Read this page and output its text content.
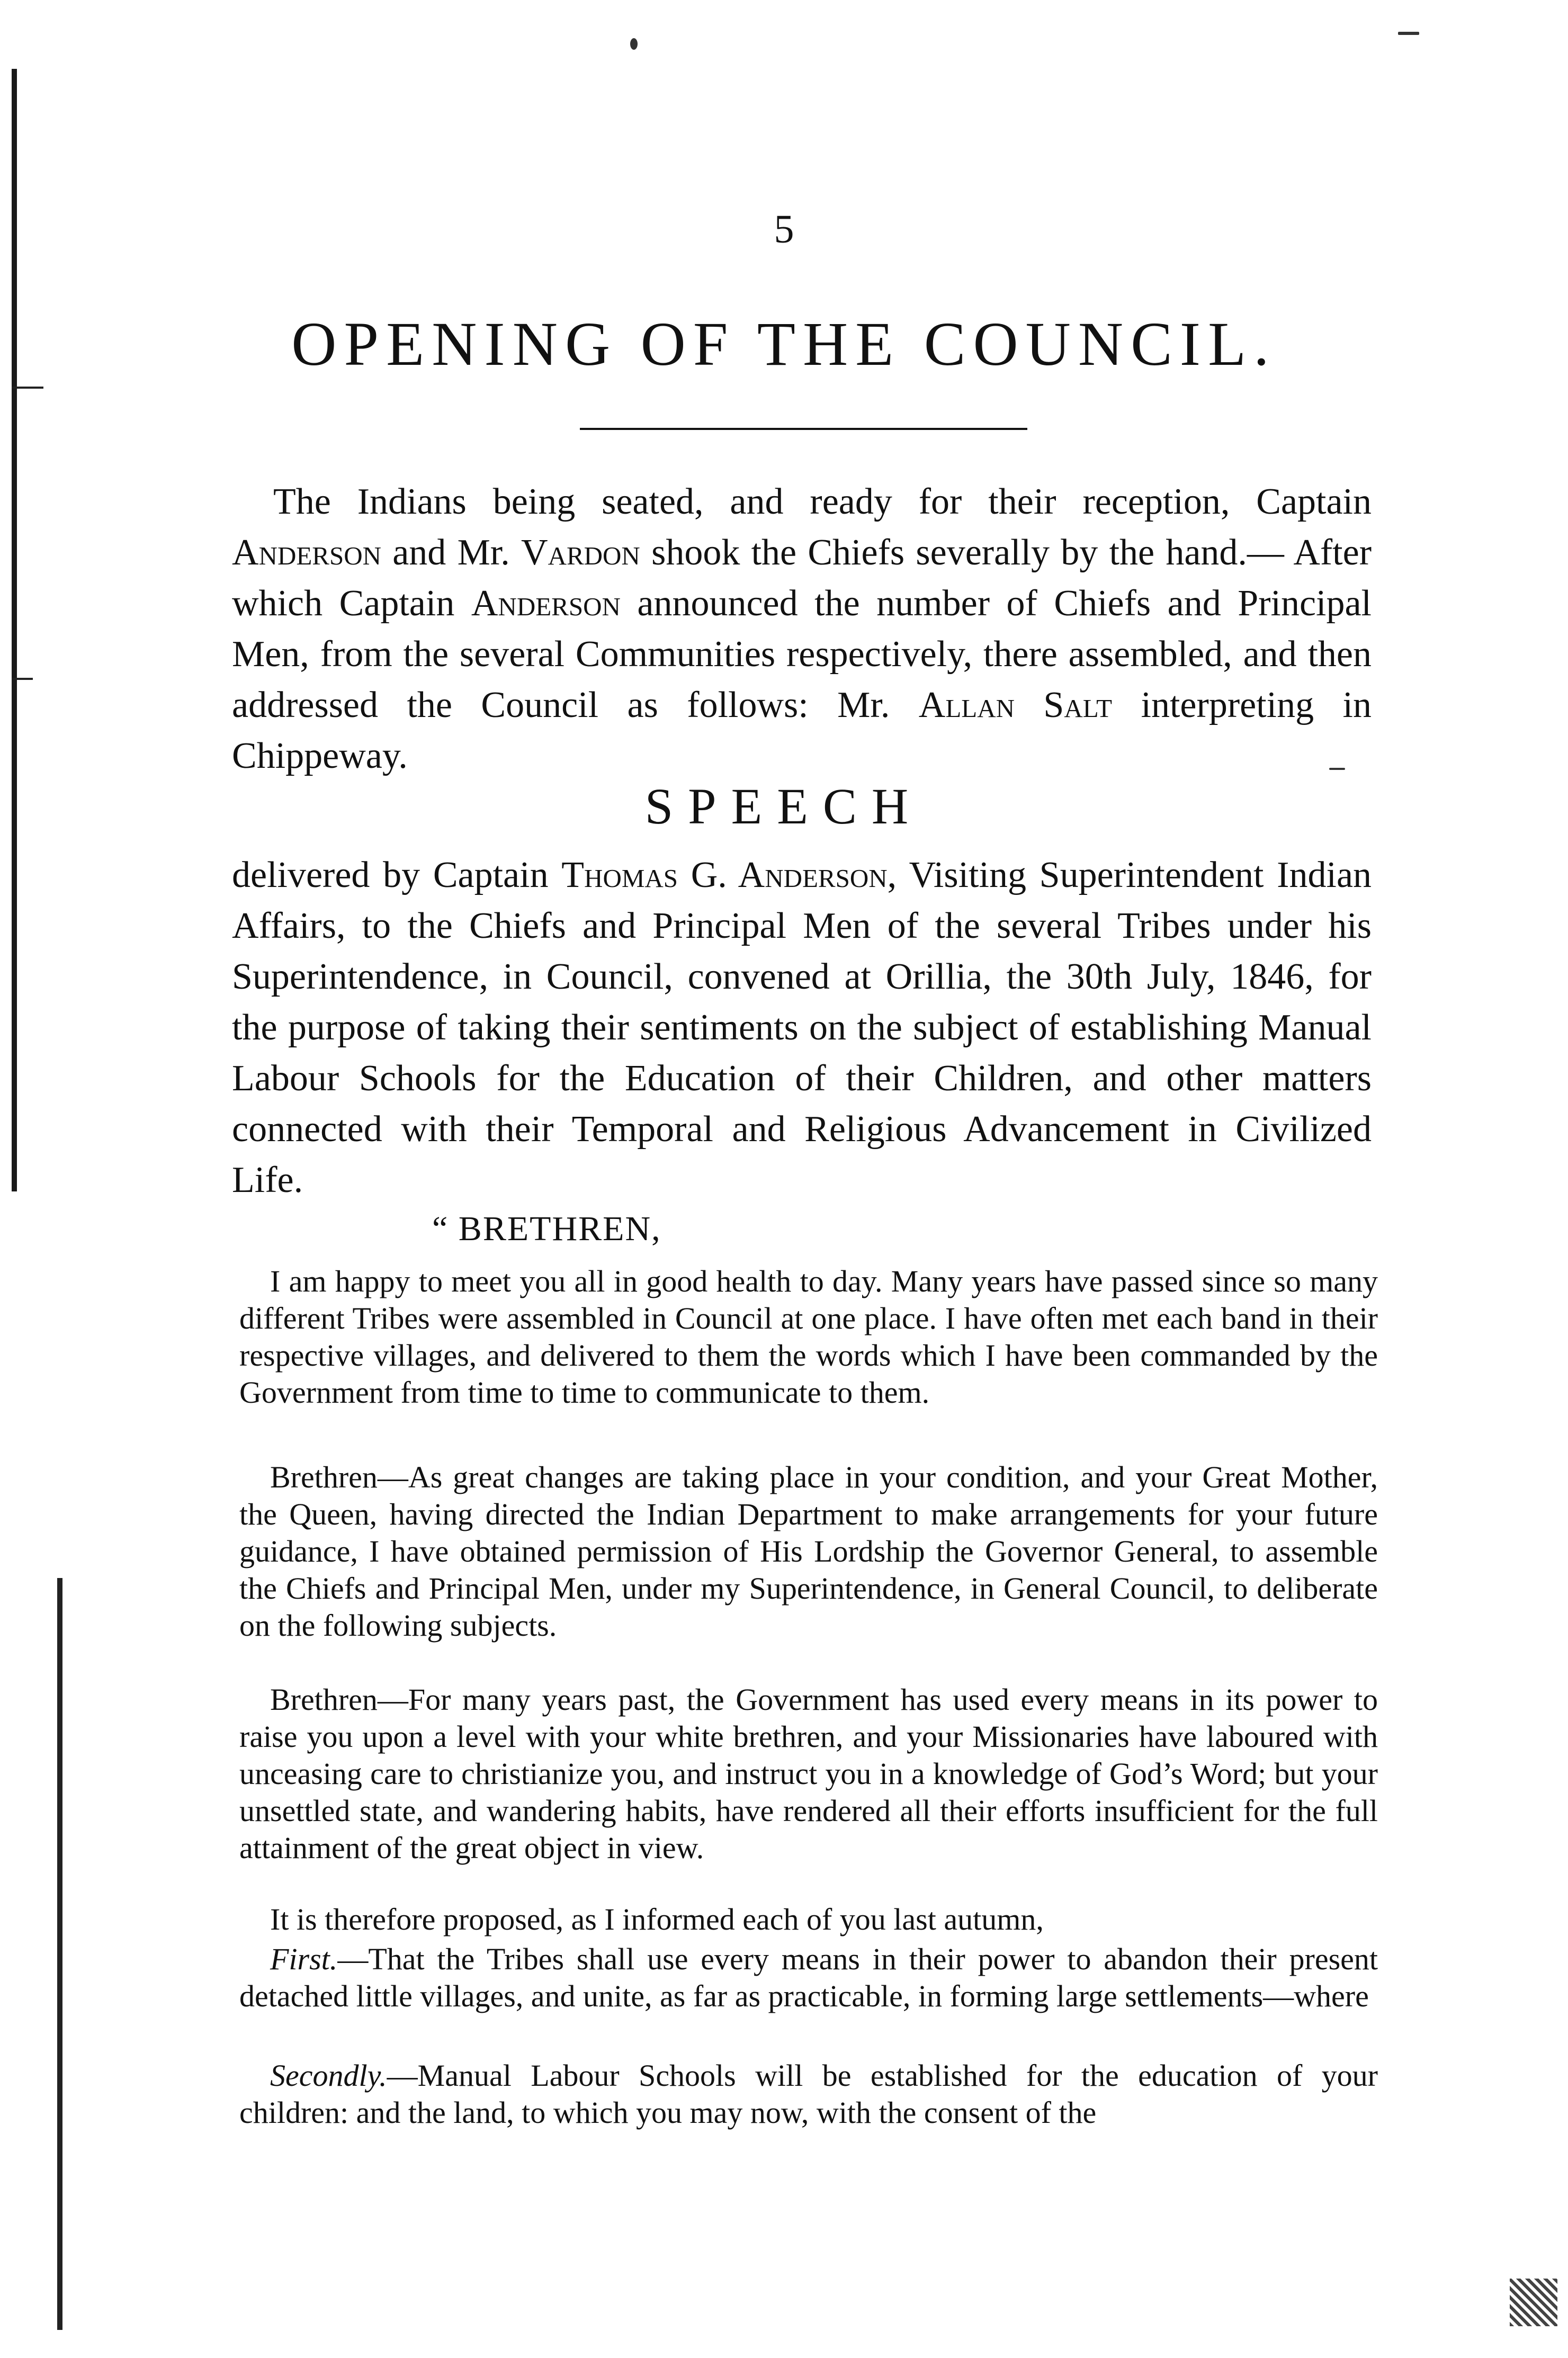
5
OPENING OF THE COUNCIL.

The Indians being seated, and ready for their reception, Captain Anderson and Mr. Vardon shook the Chiefs severally by the hand.— After which Captain Anderson announced the number of Chiefs and Principal Men, from the several Communities respectively, there assembled, and then addressed the Council as follows: Mr. Allan Salt interpreting in Chippeway.

SPEECH

delivered by Captain Thomas G. Anderson, Visiting Superintendent Indian Affairs, to the Chiefs and Principal Men of the several Tribes under his Superintendence, in Council, convened at Orillia, the 30th July, 1846, for the purpose of taking their sentiments on the subject of establishing Manual Labour Schools for the Education of their Children, and other matters connected with their Temporal and Religious Advancement in Civilized Life.

“ BRETHREN,

I am happy to meet you all in good health to day. Many years have passed since so many different Tribes were assembled in Council at one place. I have often met each band in their respective villages, and delivered to them the words which I have been commanded by the Government from time to time to communicate to them.

Brethren—As great changes are taking place in your condition, and your Great Mother, the Queen, having directed the Indian Department to make arrangements for your future guidance, I have obtained permission of His Lordship the Governor General, to assemble the Chiefs and Principal Men, under my Superintendence, in General Council, to deliberate on the following subjects.

Brethren—For many years past, the Government has used every means in its power to raise you upon a level with your white brethren, and your Missionaries have laboured with unceasing care to christianize you, and instruct you in a knowledge of God’s Word; but your unsettled state, and wandering habits, have rendered all their efforts insufficient for the full attainment of the great object in view.

It is therefore proposed, as I informed each of you last autumn,

First.—That the Tribes shall use every means in their power to abandon their present detached little villages, and unite, as far as practicable, in forming large settlements—where

Secondly.—Manual Labour Schools will be established for the education of your children: and the land, to which you may now, with the consent of the
